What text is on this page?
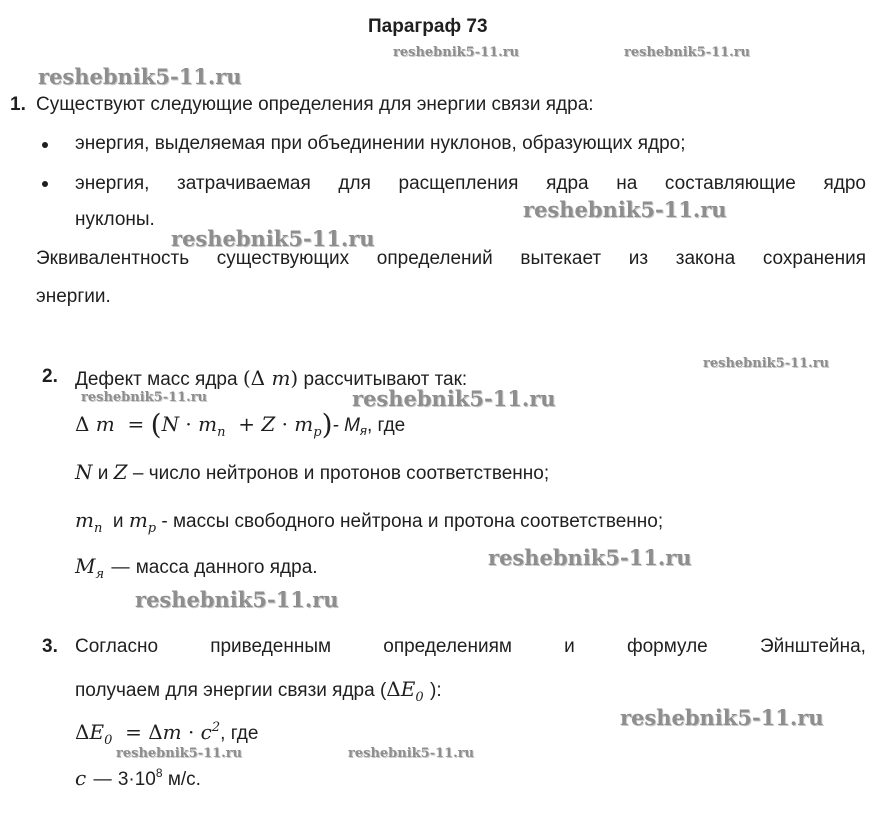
Параграф 73
reshebnik5-11.ru	reshebnik5-11.ru
reshebnik5-11.ru
reshebnik5-11.ru
reshebnik5-11.ru
reshebnik5-11.ru
reshebnik5-11.ru	reshebnik5-11.ru
reshebnik5-11.ru
reshebnik5-11.ru
reshebnik5-11.ru
reshebnik5-11.ru	reshebnik5-11.ru
1. Существуют следующие определения для энергии связи ядра:
энергия, выделяемая при объединении нуклонов, образующих ядро;
энергия, затрачиваемая для расщепления ядра на составляющие ядро
нуклоны.
Эквивалентность существующих определений вытекает из закона сохранения
энергии.
2. Дефект масс ядра (Δ m) рассчитывают так:
Δ $m = (N \cdot m_n + Z \cdot m_p)-$ $M_я$, где
N и Z – число нейтронов и протонов соответственно;
$m_n$ и $m_p$ - массы свободного нейтрона и протона соответственно;
$M_я$ — масса данного ядра.
3. Согласно	приведенным	определениям	и	формуле	Эйнштейна,
получаем для энергии связи ядра ($\Delta E_0$ ):
$\Delta E_0 = \Delta m \cdot c^2$, где
c — $3\cdot 10^8$ м/с.
